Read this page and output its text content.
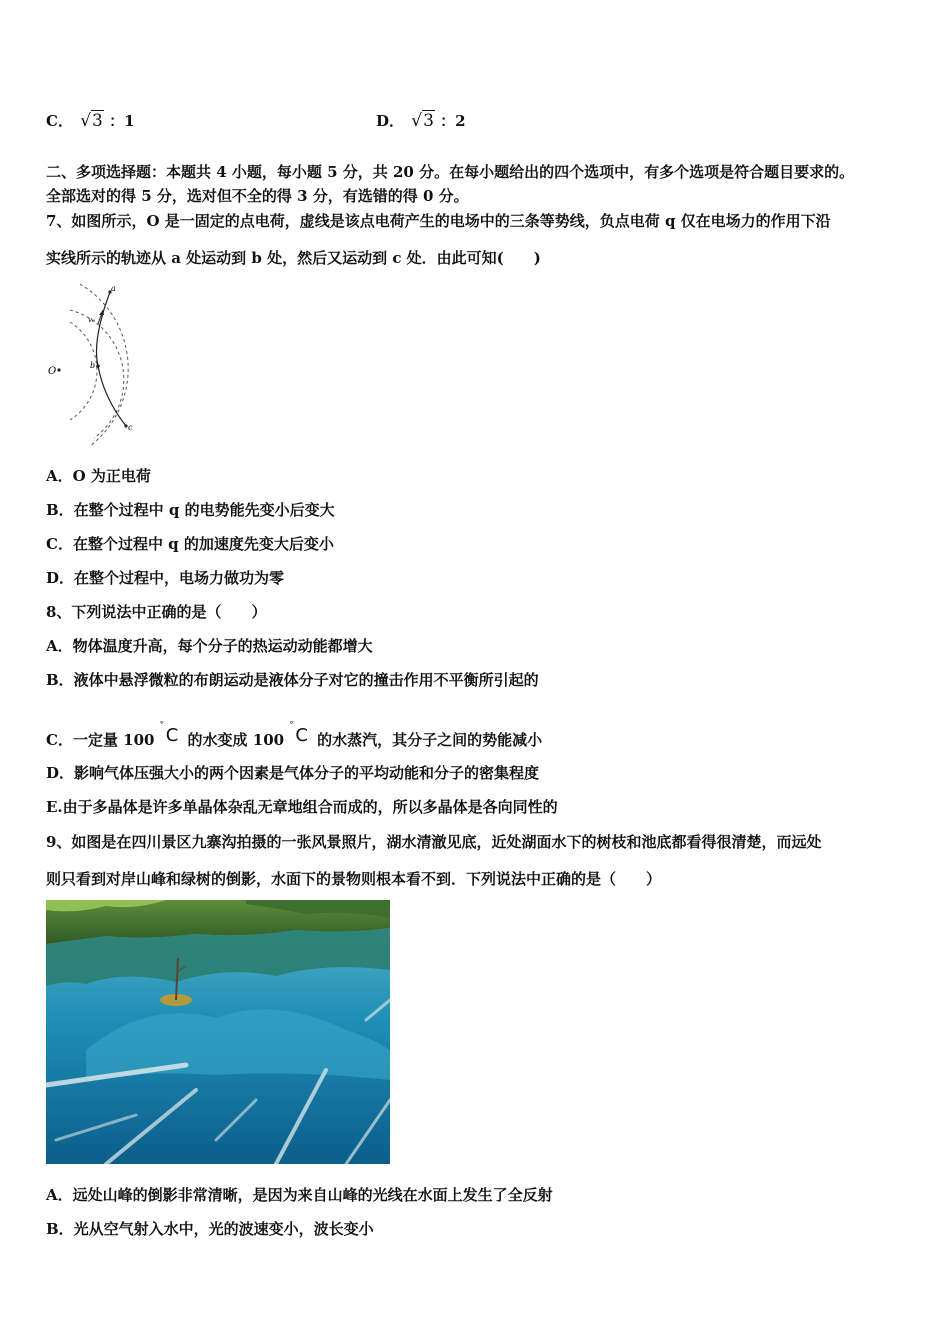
C． √3 ：1	D． √3 ：2
二、多项选择题：本题共 4 小题，每小题 5 分，共 20 分。在每小题给出的四个选项中，有多个选项是符合题目要求的。
全部选对的得 5 分，选对但不全的得 3 分，有选错的得 0 分。
7、如图所示，O 是一固定的点电荷，虚线是该点电荷产生的电场中的三条等势线，负点电荷 q 仅在电场力的作用下沿
实线所示的轨迹从 a 处运动到 b 处，然后又运动到 c 处．由此可知(　　)
O
a
b
c
v₀
A．O 为正电荷
B．在整个过程中 q 的电势能先变小后变大
C．在整个过程中 q 的加速度先变大后变小
D．在整个过程中，电场力做功为零
8、下列说法中正确的是（　　）
A．物体温度升高，每个分子的热运动动能都增大
B．液体中悬浮微粒的布朗运动是液体分子对它的撞击作用不平衡所引起的
C．一定量 100 °C 的水变成 100 °C 的水蒸汽，其分子之间的势能减小
D．影响气体压强大小的两个因素是气体分子的平均动能和分子的密集程度
E.由于多晶体是许多单晶体杂乱无章地组合而成的，所以多晶体是各向同性的
9、如图是在四川景区九寨沟拍摄的一张风景照片，湖水清澈见底，近处湖面水下的树枝和池底都看得很清楚，而远处
则只看到对岸山峰和绿树的倒影，水面下的景物则根本看不到．下列说法中正确的是（　　）
A．远处山峰的倒影非常清晰，是因为来自山峰的光线在水面上发生了全反射
B．光从空气射入水中，光的波速变小，波长变小
